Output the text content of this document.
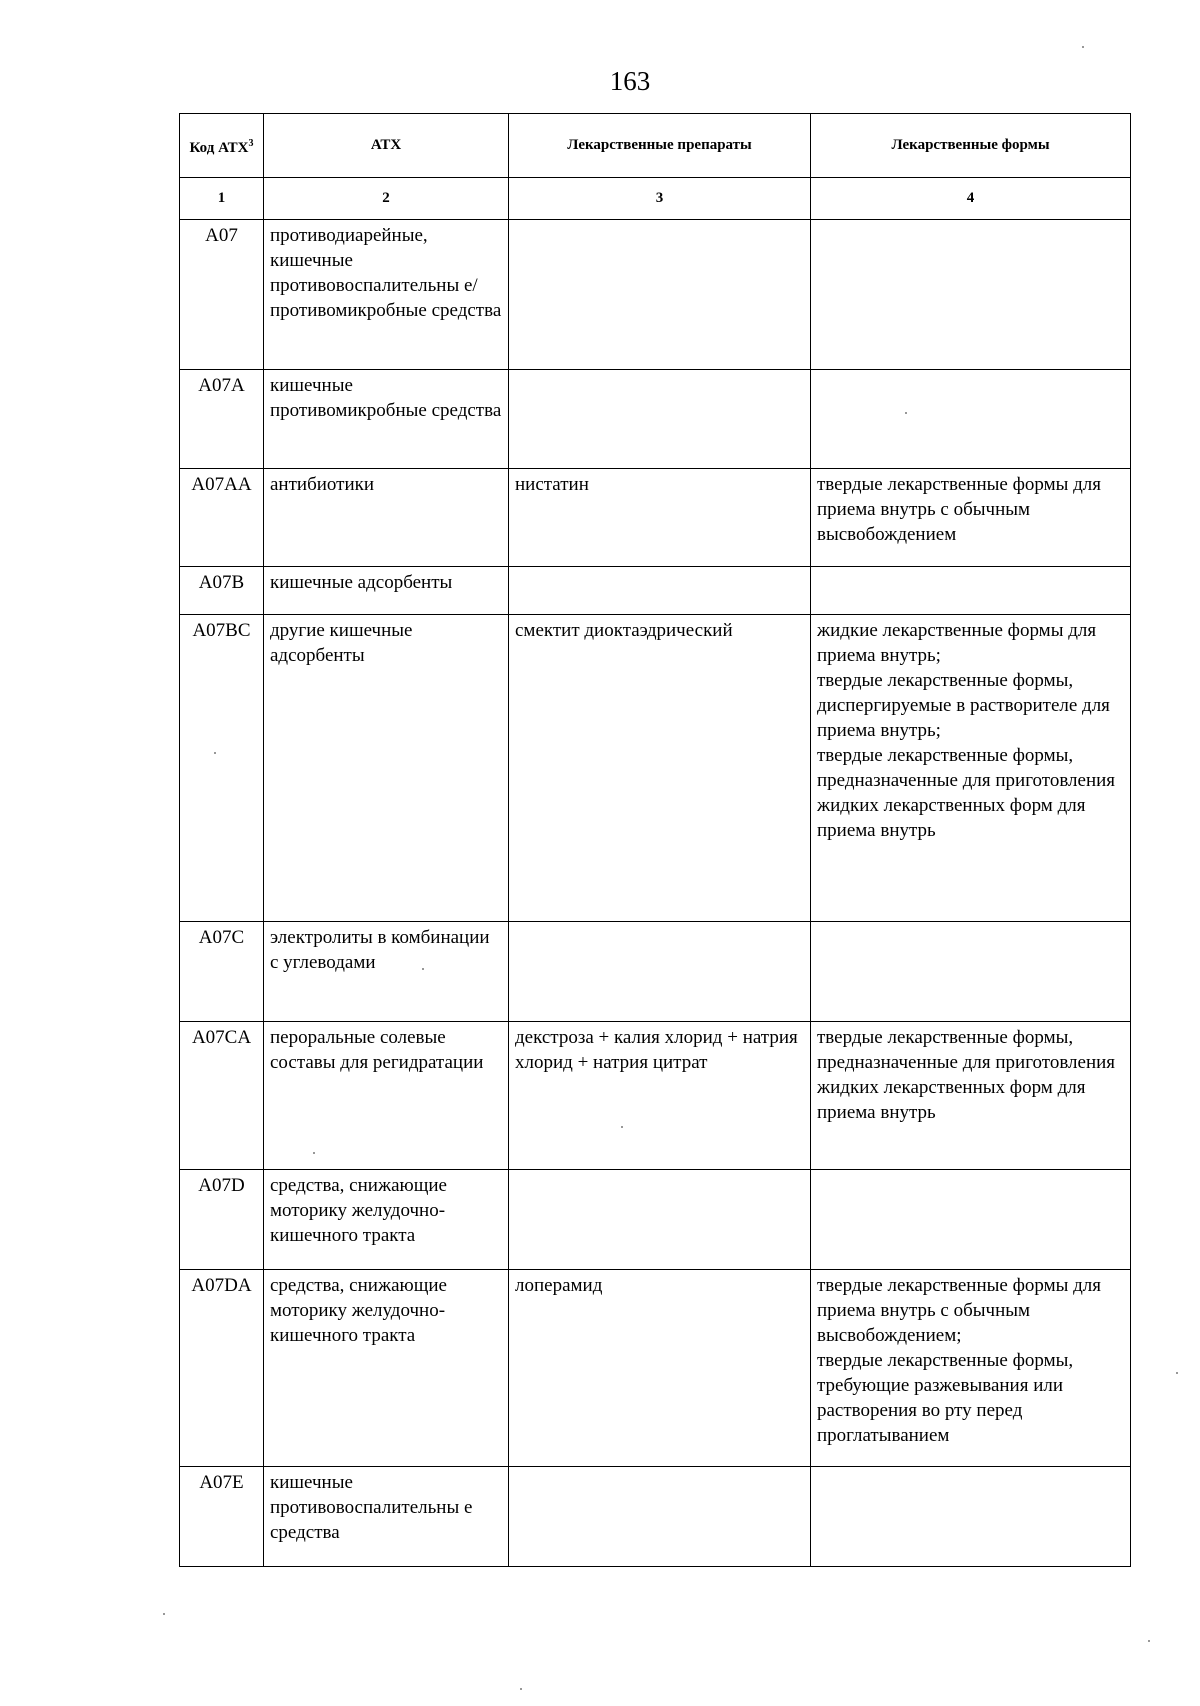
163
Код АТХ$^3$	АТХ	Лекарственные препараты	Лекарственные формы
1	2	3	4
A07	противодиарейные, кишечные противовоспалительны е/противомикробные средства		
A07A	кишечные противомикробные средства		
A07AA	антибиотики	нистатин	твердые лекарственные формы для приема внутрь с обычным высвобождением
A07B	кишечные адсорбенты		
A07BC	другие кишечные адсорбенты	смектит диоктаэдрический	жидкие лекарственные формы для приема внутрь;
твердые лекарственные формы, диспергируемые в растворителе для приема внутрь;
твердые лекарственные формы, предназначенные для приготовления жидких лекарственных форм для приема внутрь
A07C	электролиты в комбинации с углеводами		
A07CA	пероральные солевые составы для регидратации	декстроза + калия хлорид + натрия хлорид + натрия цитрат	твердые лекарственные формы, предназначенные для приготовления жидких лекарственных форм для приема внутрь
A07D	средства, снижающие моторику желудочно-кишечного тракта		
A07DA	средства, снижающие моторику желудочно-кишечного тракта	лоперамид	твердые лекарственные формы для приема внутрь с обычным высвобождением;
твердые лекарственные формы, требующие разжевывания или растворения во рту перед проглатыванием
A07E	кишечные противовоспалительны е средства		
